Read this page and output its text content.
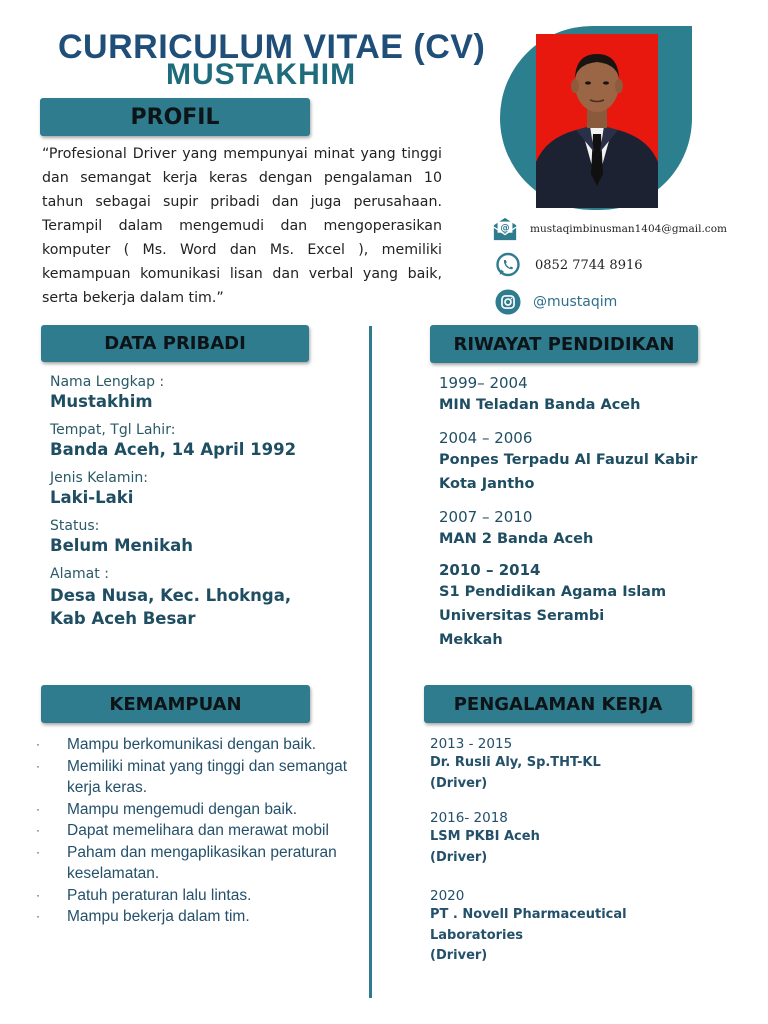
CURRICULUM VITAE (CV)
MUSTAKHIM
PROFIL
“Profesional Driver yang mempunyai minat yang tinggi dan semangat kerja keras dengan pengalaman 10 tahun sebagai supir pribadi dan juga perusahaan. Terampil dalam mengemudi dan mengoperasikan komputer ( Ms. Word dan Ms. Excel ), memiliki kemampuan komunikasi lisan dan verbal yang baik, serta bekerja dalam tim.”
@ mustaqimbinusman1404@gmail.com
0852 7744 8916
@mustaqim
DATA PRIBADI
Nama Lengkap :
Mustakhim
Tempat, Tgl Lahir:
Banda Aceh, 14 April 1992
Jenis Kelamin:
Laki-Laki
Status:
Belum Menikah
Alamat :
Desa Nusa, Kec. Lhoknga, Kab Aceh Besar
RIWAYAT PENDIDIKAN
1999– 2004
MIN Teladan Banda Aceh
2004 – 2006
Ponpes Terpadu Al Fauzul Kabir Kota Jantho
2007 – 2010
MAN 2 Banda Aceh
2010 – 2014
S1 Pendidikan Agama Islam Universitas Serambi Mekkah
KEMAMPUAN
· Mampu berkomunikasi dengan baik.
· Memiliki minat yang tinggi dan semangat kerja keras.
· Mampu mengemudi dengan baik.
· Dapat memelihara dan merawat mobil
· Paham dan mengaplikasikan peraturan keselamatan.
· Patuh peraturan lalu lintas.
· Mampu bekerja dalam tim.
PENGALAMAN KERJA
2013 - 2015
Dr. Rusli Aly, Sp.THT-KL
(Driver)
2016- 2018
LSM PKBI Aceh
(Driver)
2020
PT . Novell Pharmaceutical Laboratories
(Driver)
